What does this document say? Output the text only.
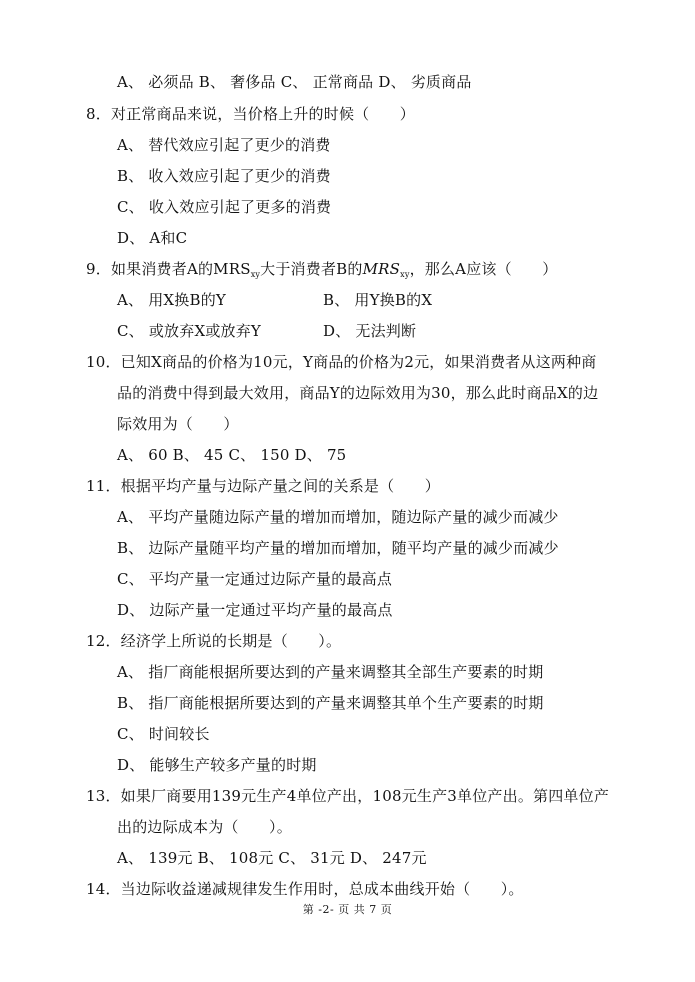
A、 必须品 B、 奢侈品 C、 正常商品 D、 劣质商品
8．对正常商品来说，当价格上升的时候（　　）
A、 替代效应引起了更少的消费
B、 收入效应引起了更少的消费
C、 收入效应引起了更多的消费
D、 A和C
9．如果消费者A的$MRS_{xy}$大于消费者B的$MRS_{xy}$，那么A应该（　　）
A、 用X换B的Y	B、 用Y换B的X
C、 或放弃X或放弃Y	D、 无法判断
10．已知X商品的价格为10元，Y商品的价格为2元，如果消费者从这两种商
品的消费中得到最大效用，商品Y的边际效用为30，那么此时商品X的边
际效用为（　　）
A、 60 B、 45 C、 150 D、 75
11．根据平均产量与边际产量之间的关系是（　　）
A、 平均产量随边际产量的增加而增加，随边际产量的减少而减少
B、 边际产量随平均产量的增加而增加，随平均产量的减少而减少
C、 平均产量一定通过边际产量的最高点
D、 边际产量一定通过平均产量的最高点
12．经济学上所说的长期是（　　）。
A、 指厂商能根据所要达到的产量来调整其全部生产要素的时期
B、 指厂商能根据所要达到的产量来调整其单个生产要素的时期
C、 时间较长
D、 能够生产较多产量的时期
13．如果厂商要用139元生产4单位产出，108元生产3单位产出。第四单位产
出的边际成本为（　　）。
A、 139元 B、 108元 C、 31元 D、 247元
14．当边际收益递减规律发生作用时，总成本曲线开始（　　）。
第 -2- 页 共 7 页
